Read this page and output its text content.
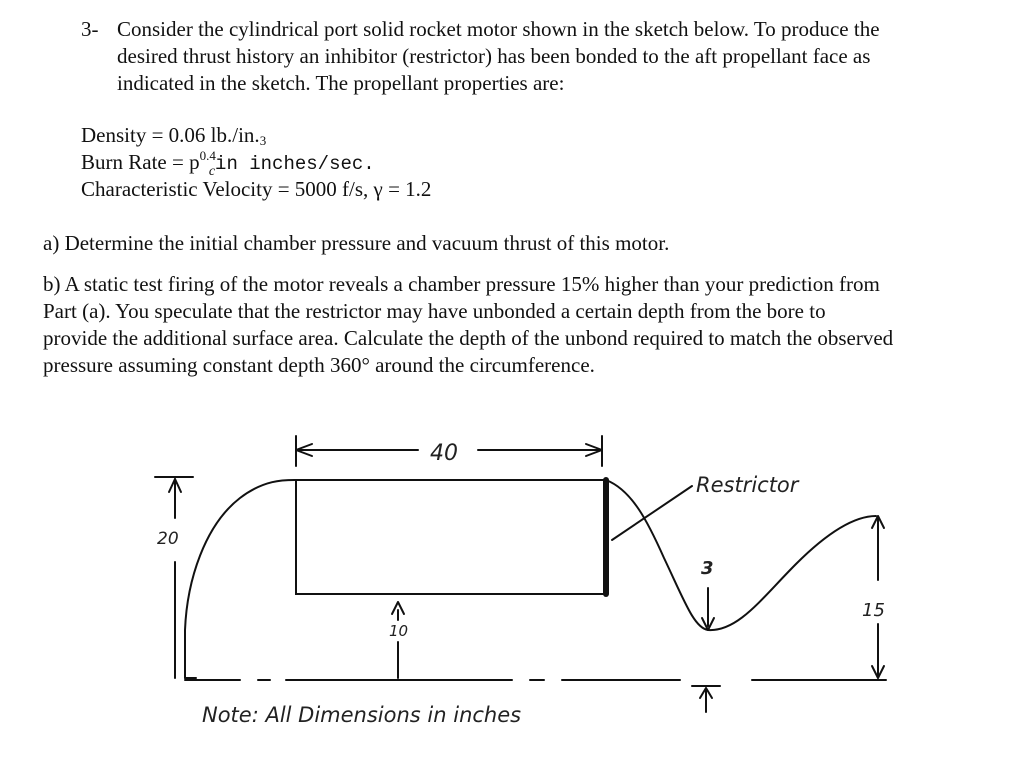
3- Consider the cylindrical port solid rocket motor shown in the sketch below. To produce the
desired thrust history an inhibitor (restrictor) has been bonded to the aft propellant face as
indicated in the sketch. The propellant properties are:
Density = 0.06 lb./in.3
Burn Rate = $p^{0.4}_cin$ inches/sec.
Characteristic Velocity = 5000 f/s, γ = 1.2
a) Determine the initial chamber pressure and vacuum thrust of this motor.
b) A static test firing of the motor reveals a chamber pressure 15% higher than your prediction from
Part (a). You speculate that the restrictor may have unbonded a certain depth from the bore to
provide the additional surface area. Calculate the depth of the unbond required to match the observed
pressure assuming constant depth 360° around the circumference.
40
20
10
3
15
Restrictor
Note: All Dimensions in inches
